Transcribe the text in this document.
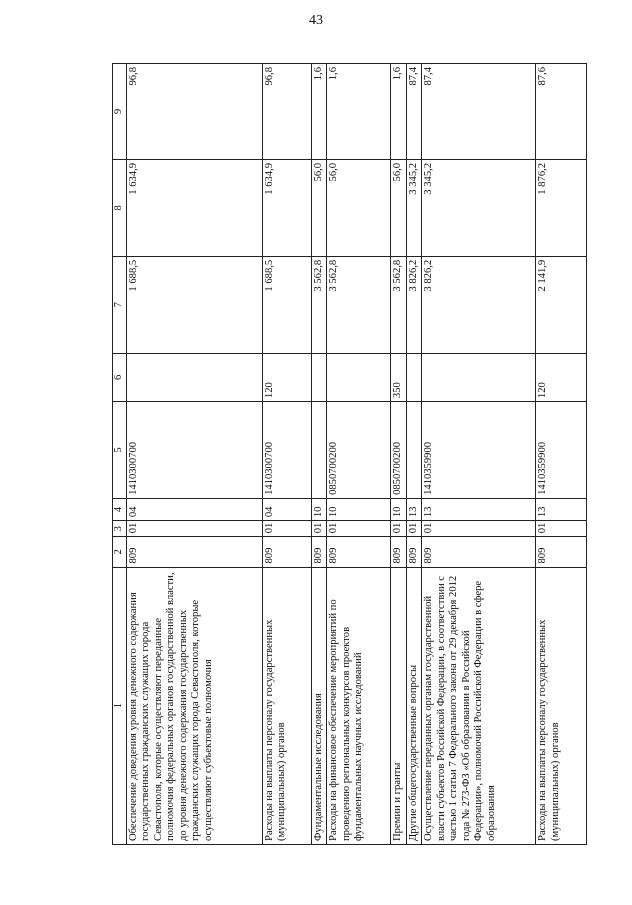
43
1	2	3	4	5	6	7	8	9
Обеспечение доведения уровня денежного содержания государственных гражданских служащих города Севастополя, которые осуществляют переданные полномочия федеральных органов государственной власти, до уровня денежного содержания государственных гражданских служащих города Севастополя, которые осуществляют субъектовые полномочия	809	01	04	1410300700		1 688,5	1 634,9	96,8
Расходы на выплаты персоналу государственных (муниципальных) органов	809	01	04	1410300700	120	1 688,5	1 634,9	96,8
Фундаментальные исследования	809	01	10			3 562,8	56,0	1,6
Расходы на финансовое обеспечение мероприятий по проведению региональных конкурсов проектов фундаментальных научных исследований	809	01	10	0850700200		3 562,8	56,0	1,6
Премии и гранты	809	01	10	0850700200	350	3 562,8	56,0	1,6
Другие общегосударственные вопросы	809	01	13			3 826,2	3 345,2	87,4
Осуществление переданных органам государственной власти субъектов Российской Федерации, в соответствии с частью 1 статьи 7 Федерального закона от 29 декабря 2012 года № 273-ФЗ «Об образовании в Российской Федерации», полномочий Российской Федерации в сфере образования	809	01	13	1410359900		3 826,2	3 345,2	87,4
Расходы на выплаты персоналу государственных (муниципальных) органов	809	01	13	1410359900	120	2 141,9	1 876,2	87,6
